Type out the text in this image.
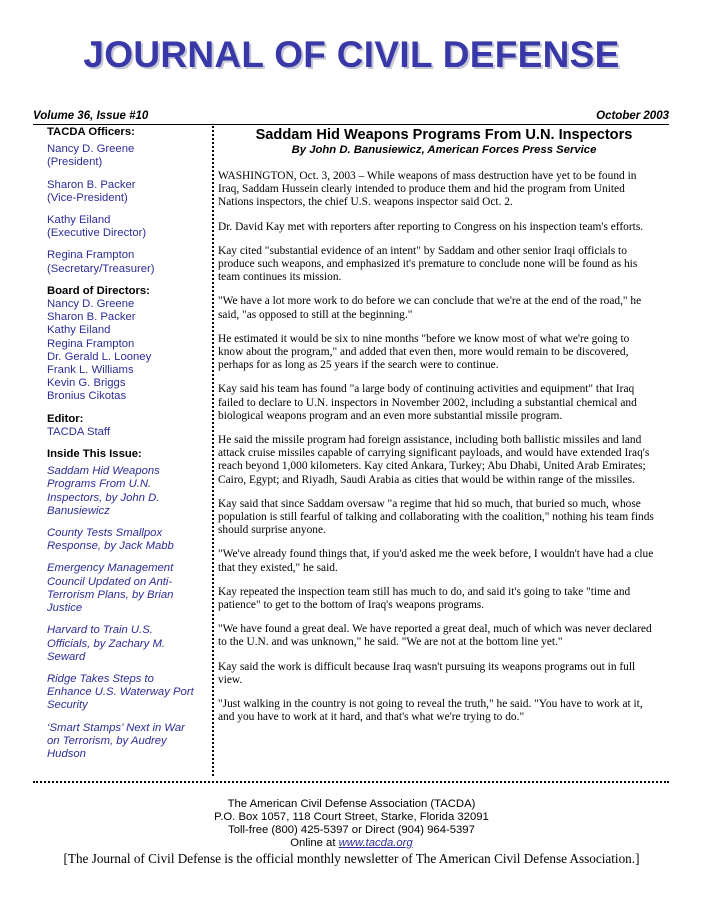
JOURNAL OF CIVIL DEFENSE
Volume 36, Issue #10	October 2003
TACDA Officers:
Nancy D. Greene
(President)
Sharon B. Packer
(Vice-President)
Kathy Eiland
(Executive Director)
Regina Frampton
(Secretary/Treasurer)
Board of Directors:
Nancy D. Greene
Sharon B. Packer
Kathy Eiland
Regina Frampton
Dr. Gerald L. Looney
Frank L. Williams
Kevin G. Briggs
Bronius Cikotas
Editor:
TACDA Staff
Inside This Issue:
Saddam Hid Weapons
Programs From U.N.
Inspectors, by John D.
Banusiewicz
County Tests Smallpox
Response, by Jack Mabb
Emergency Management
Council Updated on Anti-
Terrorism Plans, by Brian
Justice
Harvard to Train U.S.
Officials, by Zachary M.
Seward
Ridge Takes Steps to
Enhance U.S. Waterway Port
Security
‘Smart Stamps’ Next in War
on Terrorism, by Audrey
Hudson
Saddam Hid Weapons Programs From U.N. Inspectors
By John D. Banusiewicz, American Forces Press Service

WASHINGTON, Oct. 3, 2003 – While weapons of mass destruction have yet to be found in
Iraq, Saddam Hussein clearly intended to produce them and hid the program from United
Nations inspectors, the chief U.S. weapons inspector said Oct. 2.

Dr. David Kay met with reporters after reporting to Congress on his inspection team's efforts.

Kay cited "substantial evidence of an intent" by Saddam and other senior Iraqi officials to
produce such weapons, and emphasized it's premature to conclude none will be found as his
team continues its mission.

"We have a lot more work to do before we can conclude that we're at the end of the road," he
said, "as opposed to still at the beginning."

He estimated it would be six to nine months "before we know most of what we're going to
know about the program," and added that even then, more would remain to be discovered,
perhaps for as long as 25 years if the search were to continue.

Kay said his team has found "a large body of continuing activities and equipment" that Iraq
failed to declare to U.N. inspectors in November 2002, including a substantial chemical and
biological weapons program and an even more substantial missile program.

He said the missile program had foreign assistance, including both ballistic missiles and land
attack cruise missiles capable of carrying significant payloads, and would have extended Iraq's
reach beyond 1,000 kilometers. Kay cited Ankara, Turkey; Abu Dhabi, United Arab Emirates;
Cairo, Egypt; and Riyadh, Saudi Arabia as cities that would be within range of the missiles.

Kay said that since Saddam oversaw "a regime that hid so much, that buried so much, whose
population is still fearful of talking and collaborating with the coalition," nothing his team finds
should surprise anyone.

"We've already found things that, if you'd asked me the week before, I wouldn't have had a clue
that they existed," he said.

Kay repeated the inspection team still has much to do, and said it's going to take "time and
patience" to get to the bottom of Iraq's weapons programs.

"We have found a great deal. We have reported a great deal, much of which was never declared
to the U.N. and was unknown," he said. "We are not at the bottom line yet."

Kay said the work is difficult because Iraq wasn't pursuing its weapons programs out in full
view.

"Just walking in the country is not going to reveal the truth," he said. "You have to work at it,
and you have to work at it hard, and that's what we're trying to do."

The American Civil Defense Association (TACDA)
P.O. Box 1057, 118 Court Street, Starke, Florida 32091
Toll-free (800) 425-5397 or Direct (904) 964-5397
Online at www.tacda.org
[The Journal of Civil Defense is the official monthly newsletter of The American Civil Defense Association.]
